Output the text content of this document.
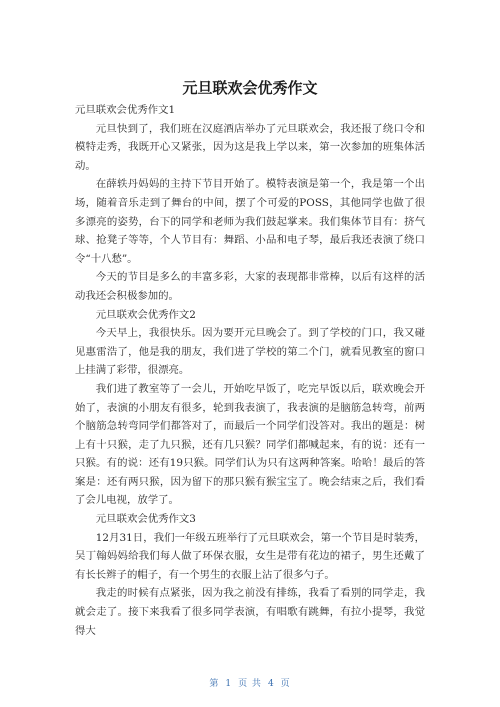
元旦联欢会优秀作文

元旦联欢会优秀作文1

元旦快到了，我们班在汉庭酒店举办了元旦联欢会，我还报了绕口令和模特走秀，我既开心又紧张，因为这是我上学以来，第一次参加的班集体活动。

在薛轶丹妈妈的主持下节目开始了。模特表演是第一个，我是第一个出场，随着音乐走到了舞台的中间，摆了个可爱的POSS，其他同学也做了很多漂亮的姿势，台下的同学和老师为我们鼓起掌来。我们集体节目有：挤气球、抢凳子等等，个人节目有：舞蹈、小品和电子琴，最后我还表演了绕口令“十八愁”。

今天的节目是多么的丰富多彩，大家的表现都非常棒，以后有这样的活动我还会积极参加的。

元旦联欢会优秀作文2

今天早上，我很快乐。因为要开元旦晚会了。到了学校的门口，我又碰见惠雷浩了，他是我的朋友，我们进了学校的第二个门，就看见教室的窗口上挂满了彩带，很漂亮。

我们进了教室等了一会儿，开始吃早饭了，吃完早饭以后，联欢晚会开始了，表演的小朋友有很多，轮到我表演了，我表演的是脑筋急转弯，前两个脑筋急转弯同学们都答对了，而最后一个同学们没答对。我出的题是：树上有十只猴，走了九只猴，还有几只猴？同学们都喊起来，有的说：还有一只猴。有的说：还有19只猴。同学们认为只有这两种答案。哈哈！最后的答案是：还有两只猴，因为留下的那只猴有猴宝宝了。晚会结束之后，我们看了会儿电视，放学了。

元旦联欢会优秀作文3

12月31日，我们一年级五班举行了元旦联欢会，第一个节目是时装秀，吴丁翰妈妈给我们每人做了环保衣服，女生是带有花边的裙子，男生还戴了有长长辫子的帽子，有一个男生的衣服上沾了很多勺子。

我走的时候有点紧张，因为我之前没有排练，我看了看别的同学走，我就会走了。接下来我看了很多同学表演，有唱歌有跳舞，有拉小提琴，我觉得大

第 1 页 共 4 页
